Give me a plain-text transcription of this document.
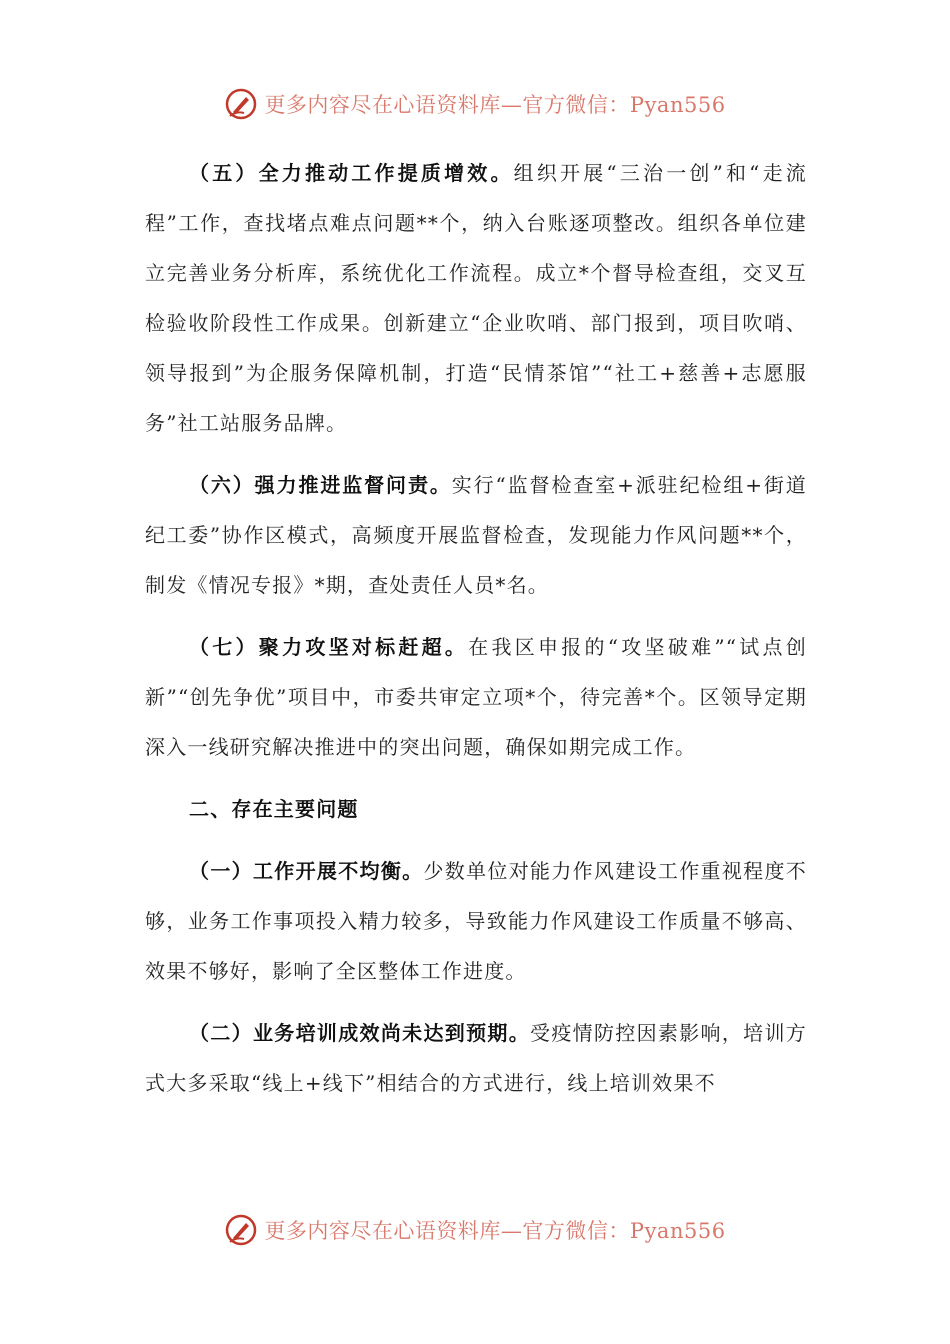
更多内容尽在心语资料库—官方微信：Pyan556

（五）全力推动工作提质增效。组织开展“三治一创”和“走流程”工作，查找堵点难点问题**个，纳入台账逐项整改。组织各单位建立完善业务分析库，系统优化工作流程。成立*个督导检查组，交叉互检验收阶段性工作成果。创新建立“企业吹哨、部门报到，项目吹哨、领导报到”为企服务保障机制，打造“民情茶馆”“社工+慈善+志愿服务”社工站服务品牌。

（六）强力推进监督问责。实行“监督检查室+派驻纪检组+街道纪工委”协作区模式，高频度开展监督检查，发现能力作风问题**个，制发《情况专报》*期，查处责任人员*名。

（七）聚力攻坚对标赶超。在我区申报的“攻坚破难”“试点创新”“创先争优”项目中，市委共审定立项*个，待完善*个。区领导定期深入一线研究解决推进中的突出问题，确保如期完成工作。

二、存在主要问题

（一）工作开展不均衡。少数单位对能力作风建设工作重视程度不够，业务工作事项投入精力较多，导致能力作风建设工作质量不够高、效果不够好，影响了全区整体工作进度。

（二）业务培训成效尚未达到预期。受疫情防控因素影响，培训方式大多采取“线上+线下”相结合的方式进行，线上培训效果不

更多内容尽在心语资料库—官方微信：Pyan556
